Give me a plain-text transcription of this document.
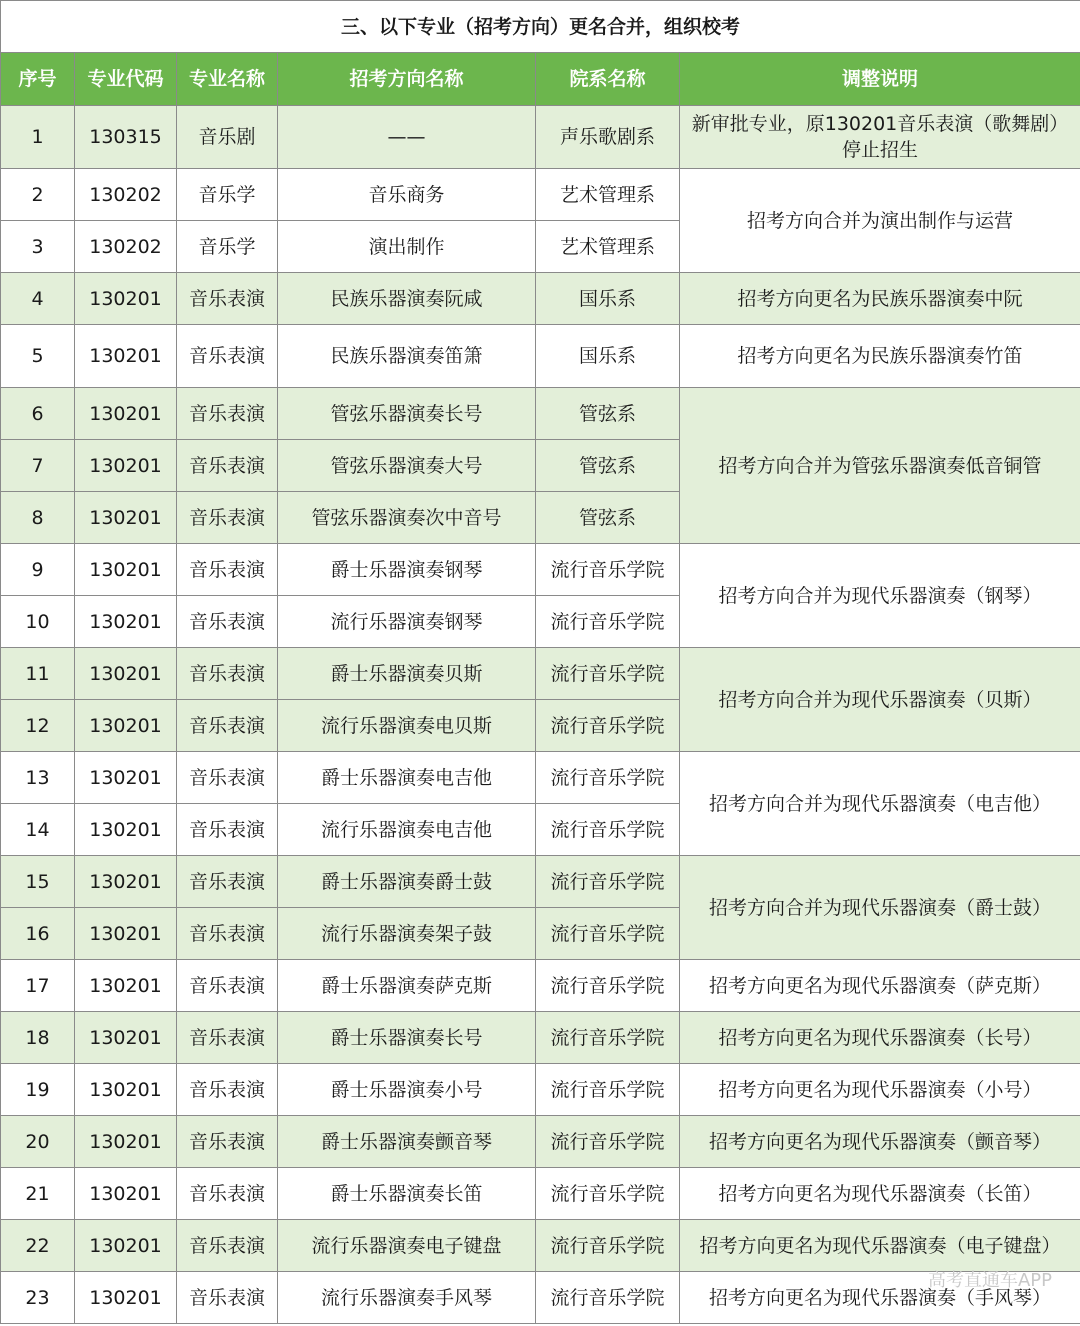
三、以下专业（招考方向）更名合并，组织校考					
序号	专业代码	专业名称	招考方向名称	院系名称	调整说明
1	130315	音乐剧	——	声乐歌剧系	新审批专业，原130201音乐表演（歌舞剧）停止招生
2	130202	音乐学	音乐商务	艺术管理系	招考方向合并为演出制作与运营
3	130202	音乐学	演出制作	艺术管理系	
4	130201	音乐表演	民族乐器演奏阮咸	国乐系	招考方向更名为民族乐器演奏中阮
5	130201	音乐表演	民族乐器演奏笛箫	国乐系	招考方向更名为民族乐器演奏竹笛
6	130201	音乐表演	管弦乐器演奏长号	管弦系	招考方向合并为管弦乐器演奏低音铜管
7	130201	音乐表演	管弦乐器演奏大号	管弦系	
8	130201	音乐表演	管弦乐器演奏次中音号	管弦系	
9	130201	音乐表演	爵士乐器演奏钢琴	流行音乐学院	招考方向合并为现代乐器演奏（钢琴）
10	130201	音乐表演	流行乐器演奏钢琴	流行音乐学院	
11	130201	音乐表演	爵士乐器演奏贝斯	流行音乐学院	招考方向合并为现代乐器演奏（贝斯）
12	130201	音乐表演	流行乐器演奏电贝斯	流行音乐学院	
13	130201	音乐表演	爵士乐器演奏电吉他	流行音乐学院	招考方向合并为现代乐器演奏（电吉他）
14	130201	音乐表演	流行乐器演奏电吉他	流行音乐学院	
15	130201	音乐表演	爵士乐器演奏爵士鼓	流行音乐学院	招考方向合并为现代乐器演奏（爵士鼓）
16	130201	音乐表演	流行乐器演奏架子鼓	流行音乐学院	
17	130201	音乐表演	爵士乐器演奏萨克斯	流行音乐学院	招考方向更名为现代乐器演奏（萨克斯）
18	130201	音乐表演	爵士乐器演奏长号	流行音乐学院	招考方向更名为现代乐器演奏（长号）
19	130201	音乐表演	爵士乐器演奏小号	流行音乐学院	招考方向更名为现代乐器演奏（小号）
20	130201	音乐表演	爵士乐器演奏颤音琴	流行音乐学院	招考方向更名为现代乐器演奏（颤音琴）
21	130201	音乐表演	爵士乐器演奏长笛	流行音乐学院	招考方向更名为现代乐器演奏（长笛）
22	130201	音乐表演	流行乐器演奏电子键盘	流行音乐学院	招考方向更名为现代乐器演奏（电子键盘）
23	130201	音乐表演	流行乐器演奏手风琴	流行音乐学院	招考方向更名为现代乐器演奏（手风琴）
高考直通车APP
